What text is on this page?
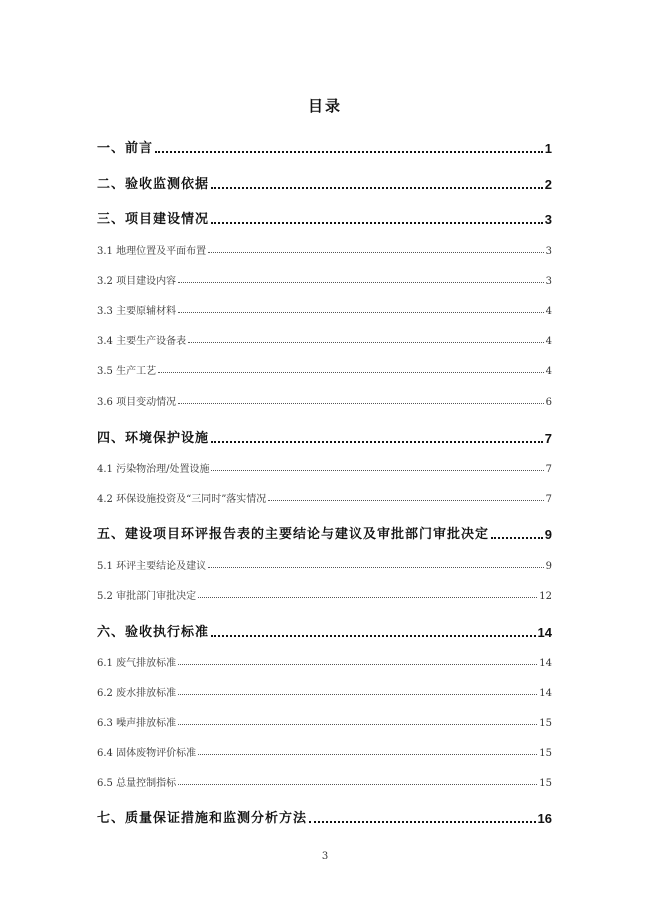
目录
一、前言	1
二、验收监测依据	2
三、项目建设情况	3
3.1 地理位置及平面布置	3
3.2 项目建设内容	3
3.3 主要原辅材料	4
3.4 主要生产设备表	4
3.5 生产工艺	4
3.6 项目变动情况	6
四、环境保护设施	7
4.1 污染物治理/处置设施	7
4.2 环保设施投资及“三同时”落实情况	7
五、建设项目环评报告表的主要结论与建议及审批部门审批决定	9
5.1 环评主要结论及建议	9
5.2 审批部门审批决定	12
六、验收执行标准	14
6.1 废气排放标准	14
6.2 废水排放标准	14
6.3 噪声排放标准	15
6.4 固体废物评价标准	15
6.5 总量控制指标	15
七、质量保证措施和监测分析方法	16
3
